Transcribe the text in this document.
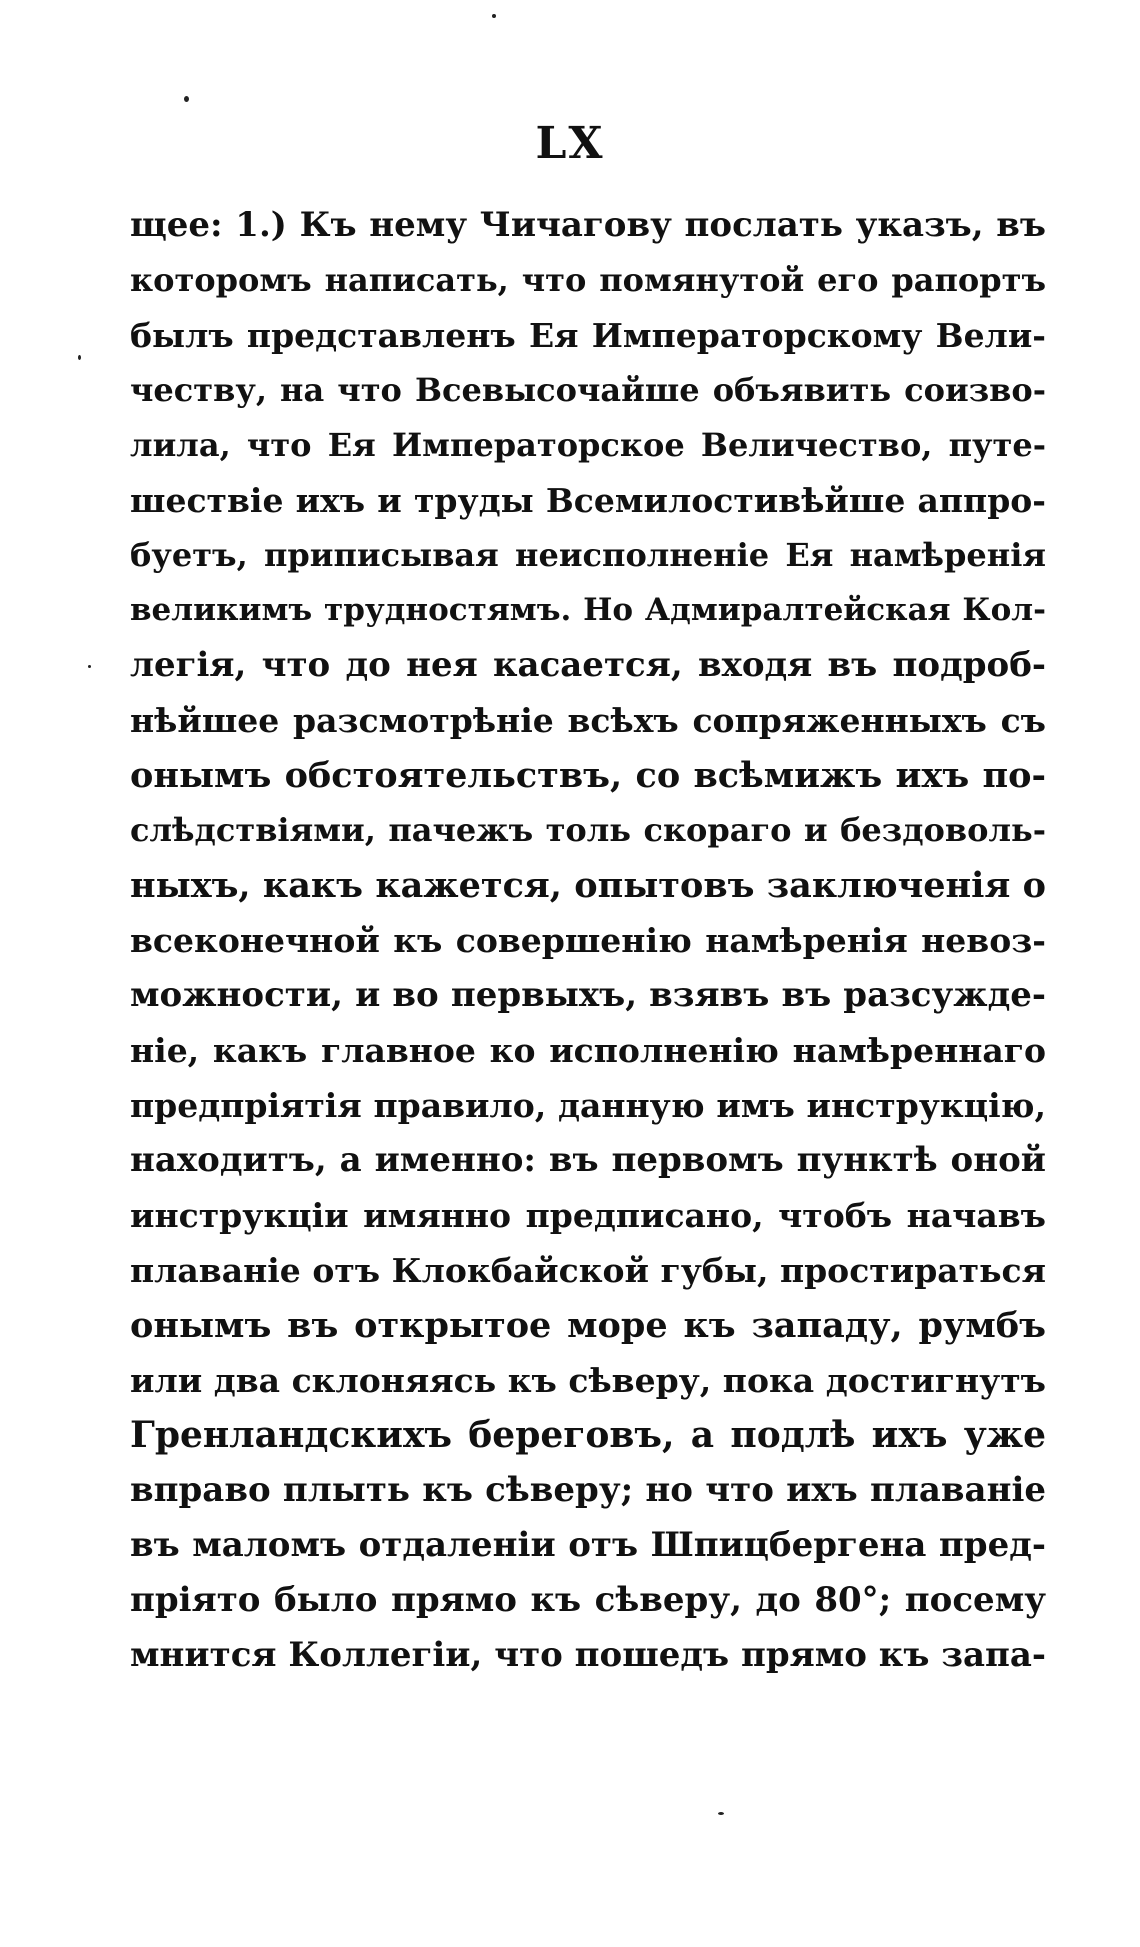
LX
щее: 1.) Къ нему Чичагову послать указъ, въ
которомъ написать, что помянутой его рапортъ
былъ представленъ Ея Императорскому Вели-
честву, на что Всевысочайше объявить соизво-
лила, что Ея Императорское Величество, путе-
шествіе ихъ и труды Всемилостивѣйше аппро-
буетъ, приписывая неисполненіе Ея намѣренія
великимъ трудностямъ. Но Адмиралтейская Кол-
легія, что до нея касается, входя въ подроб-
нѣйшее разсмотрѣніе всѣхъ сопряженныхъ съ
онымъ обстоятельствъ, со всѣмижъ ихъ по-
слѣдствіями, пачежъ толь скораго и бездоволь-
ныхъ, какъ кажется, опытовъ заключенія о
всеконечной къ совершенію намѣренія невоз-
можности, и во первыхъ, взявъ въ разсужде-
ніе, какъ главное ко исполненію намѣреннаго
предпріятія правило, данную имъ инструкцію,
находитъ, а именно: въ первомъ пунктѣ оной
инструкціи имянно предписано, чтобъ начавъ
плаваніе отъ Клокбайской губы, простираться
онымъ въ открытое море къ западу, румбъ
или два склоняясь къ сѣверу, пока достигнутъ
Гренландскихъ береговъ, а подлѣ ихъ уже
вправо плыть къ сѣверу; но что ихъ плаваніе
въ маломъ отдаленіи отъ Шпицбергена пред-
пріято было прямо къ сѣверу, до 80°; посему
мнится Коллегіи, что пошедъ прямо къ запа-
